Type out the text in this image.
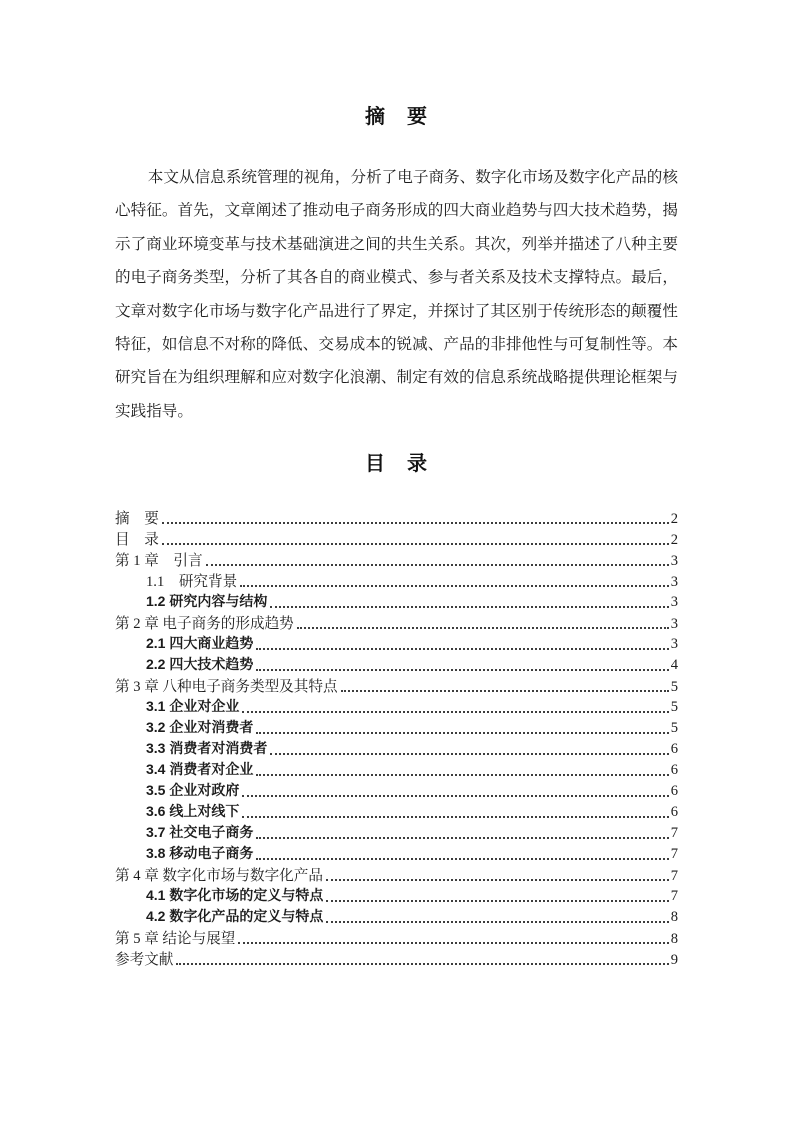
摘　要

本文从信息系统管理的视角，分析了电子商务、数字化市场及数字化产品的核心特征。首先，文章阐述了推动电子商务形成的四大商业趋势与四大技术趋势，揭示了商业环境变革与技术基础演进之间的共生关系。其次，列举并描述了八种主要的电子商务类型，分析了其各自的商业模式、参与者关系及技术支撑特点。最后，文章对数字化市场与数字化产品进行了界定，并探讨了其区别于传统形态的颠覆性特征，如信息不对称的降低、交易成本的锐减、产品的非排他性与可复制性等。本研究旨在为组织理解和应对数字化浪潮、制定有效的信息系统战略提供理论框架与实践指导。

目　录
摘　要	2
目　录	2
第 1 章　引言	3
1.1　研究背景	3
1.2 研究内容与结构	3
第 2 章 电子商务的形成趋势	3
2.1 四大商业趋势	3
2.2 四大技术趋势	4
第 3 章 八种电子商务类型及其特点	5
3.1 企业对企业	5
3.2 企业对消费者	5
3.3 消费者对消费者	6
3.4 消费者对企业	6
3.5 企业对政府	6
3.6 线上对线下	6
3.7 社交电子商务	7
3.8 移动电子商务	7
第 4 章 数字化市场与数字化产品	7
4.1 数字化市场的定义与特点	7
4.2 数字化产品的定义与特点	8
第 5 章 结论与展望	8
参考文献	9
